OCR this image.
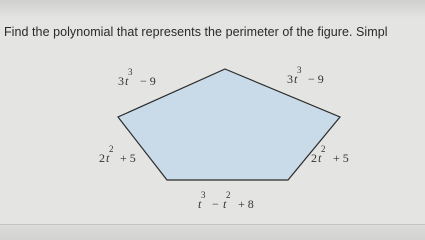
Find the polynomial that represents the perimeter of the figure. Simpl
3 t
3
− 9	3 t
3
− 9
2 t
2
+ 5	2 t
2
+ 5
t
3
− t
2
+ 8
